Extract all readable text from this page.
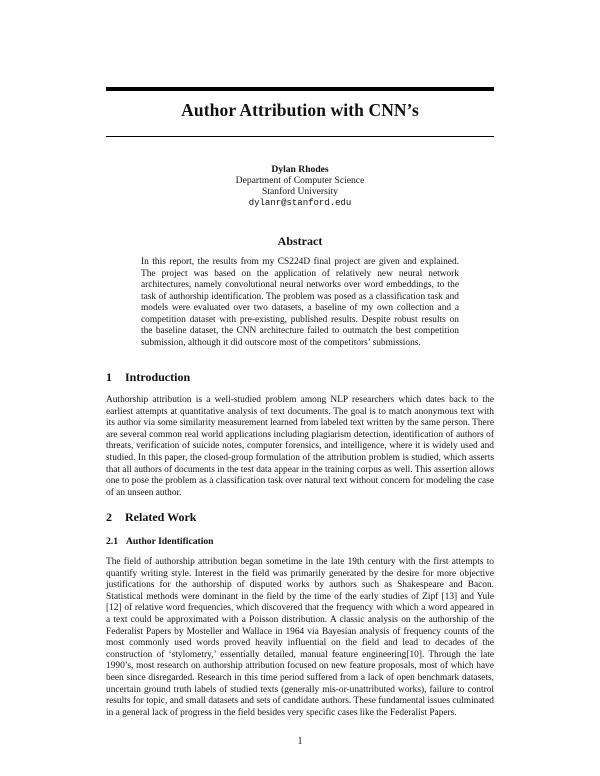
Author Attribution with CNN’s
Dylan Rhodes
Department of Computer Science
Stanford University
dylanr@stanford.edu
Abstract
In this report, the results from my CS224D final project are given and explained. The project was based on the application of relatively new neural network architectures, namely convolutional neural networks over word embeddings, to the task of authorship identification. The problem was posed as a classification task and models were evaluated over two datasets, a baseline of my own collection and a competition dataset with pre-existing, published results. Despite robust results on the baseline dataset, the CNN architecture failed to outmatch the best competition submission, although it did outscore most of the competitors’ submissions.
1 Introduction
Authorship attribution is a well-studied problem among NLP researchers which dates back to the earliest attempts at quantitative analysis of text documents. The goal is to match anonymous text with its author via some similarity measurement learned from labeled text written by the same person. There are several common real world applications including plagiarism detection, identification of authors of threats, verification of suicide notes, computer forensics, and intelligence, where it is widely used and studied. In this paper, the closed-group formulation of the attribution problem is studied, which asserts that all authors of documents in the test data appear in the training corpus as well. This assertion allows one to pose the problem as a classification task over natural text without concern for modeling the case of an unseen author.
2 Related Work
2.1 Author Identification
The field of authorship attribution began sometime in the late 19th century with the first attempts to quantify writing style. Interest in the field was primarily generated by the desire for more objective justifications for the authorship of disputed works by authors such as Shakespeare and Bacon. Statistical methods were dominant in the field by the time of the early studies of Zipf [13] and Yule [12] of relative word frequencies, which discovered that the frequency with which a word appeared in a text could be approximated with a Poisson distribution. A classic analysis on the authorship of the Federalist Papers by Mosteller and Wallace in 1964 via Bayesian analysis of frequency counts of the most commonly used words proved heavily influential on the field and lead to decades of the construction of ‘stylometry,’ essentially detailed, manual feature engineering[10]. Through the late 1990’s, most research on authorship attribution focused on new feature proposals, most of which have been since disregarded. Research in this time period suffered from a lack of open benchmark datasets, uncertain ground truth labels of studied texts (generally mis-or-unattributed works), failure to control results for topic, and small datasets and sets of candidate authors. These fundamental issues culminated in a general lack of progress in the field besides very specific cases like the Federalist Papers.
1
